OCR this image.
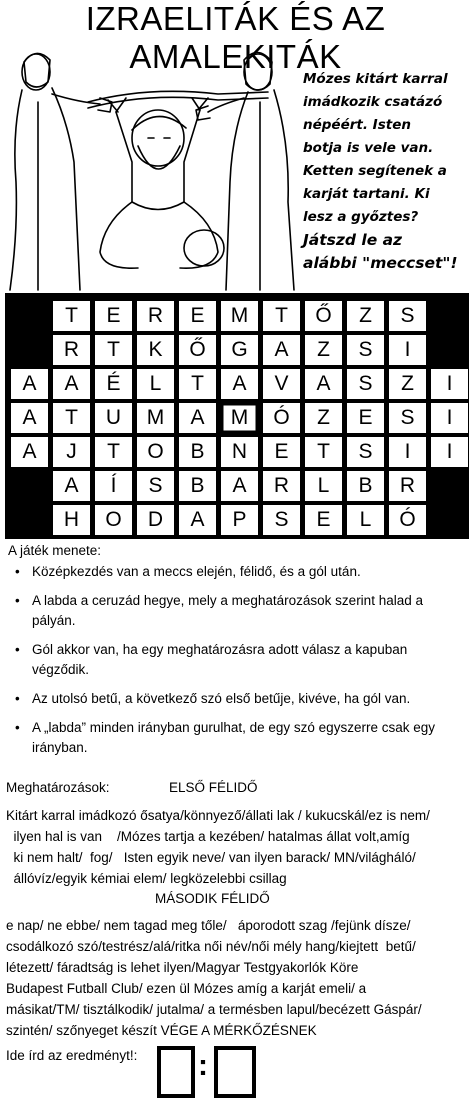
IZRAELITÁK ÉS AZ AMALEKITÁK
Mózes kitárt karral
imádkozik csatázó
népéért. Isten
botja is vele van.
Ketten segítenek a
karját tartani. Ki
lesz a győztes?
Játszd le az
alábbi "meccset"!
T	E	R	E	M	T	Ő	Z	S
R	T	K	Ő	G	A	Z	S	I
A	A	É	L	T	A	V	A	S	Z	I
A	T	U	M	A	M	Ó	Z	E	S	I
A	J	T	O	B	N	E	T	S	I	I
A	Í	S	B	A	R	L	B	R
H	O	D	A	P	S	E	L	Ó
A játék menete:
• Középkezdés van a meccs elején, félidő, és a gól után.
• A labda a ceruzád hegye, mely a meghatározások szerint halad a pályán.
• Gól akkor van, ha egy meghatározásra adott válasz a kapuban végződik.
• Az utolsó betű, a következő szó első betűje, kivéve, ha gól van.
• A „labda” minden irányban gurulhat, de egy szó egyszerre csak egy irányban.
Meghatározások:	ELSŐ FÉLIDŐ
Kitárt karral imádkozó ősatya/könnyező/állati lak / kukucskál/ez is nem/
ilyen hal is van    /Mózes tartja a kezében/ hatalmas állat volt,amíg
ki nem halt/  fog/   Isten egyik neve/ van ilyen barack/ MN/világháló/
állóvíz/egyik kémiai elem/ legközelebbi csillag
MÁSODIK FÉLIDŐ
e nap/ ne ebbe/ nem tagad meg tőle/   áporodott szag /fejünk dísze/
csodálkozó szó/testrész/alá/ritka női név/női mély hang/kiejtett  betű/
létezett/ fáradtság is lehet ilyen/Magyar Testgyakorlók Köre
Budapest Futball Club/ ezen ül Mózes amíg a karját emeli/ a
másikat/TM/ tisztálkodik/ jutalma/ a termésben lapul/becézett Gáspár/
szintén/ szőnyeget készít VÉGE A MÉRKŐZÉSNEK
Ide írd az eredményt!: :
